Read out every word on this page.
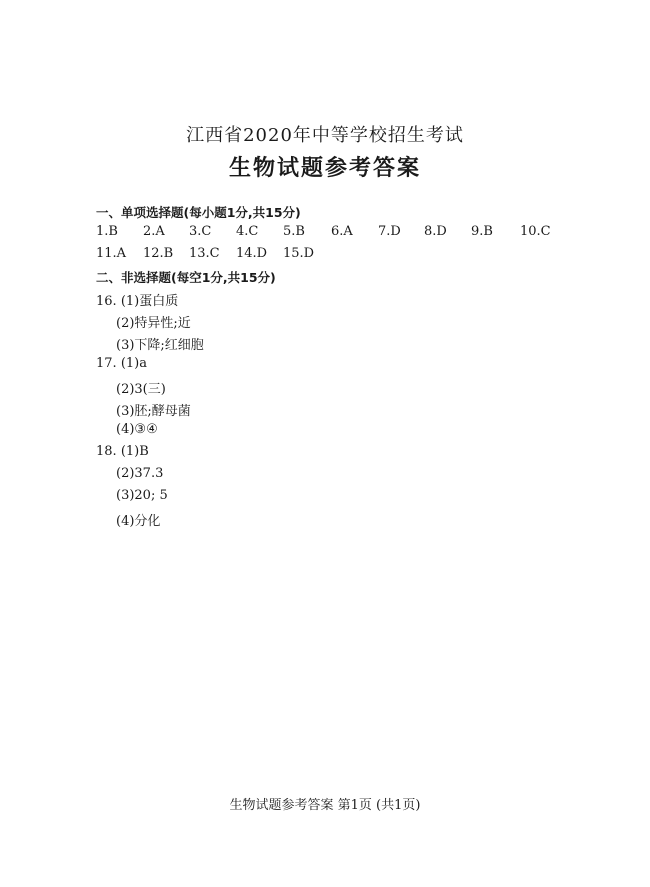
江西省2020年中等学校招生考试
生物试题参考答案
一、单项选择题(每小题1分,共15分)
1.B 2.A 3.C 4.C 5.B 6.A 7.D 8.D 9.B 10.C
11.A 12.B 13.C 14.D 15.D
二、非选择题(每空1分,共15分)
16. (1)蛋白质
(2)特异性;近
(3)下降;红细胞
17. (1)a
(2)3(三)
(3)胚;酵母菌
(4)③④
18. (1)B
(2)37.3
(3)20; 5
(4)分化
生物试题参考答案 第1页 (共1页)
